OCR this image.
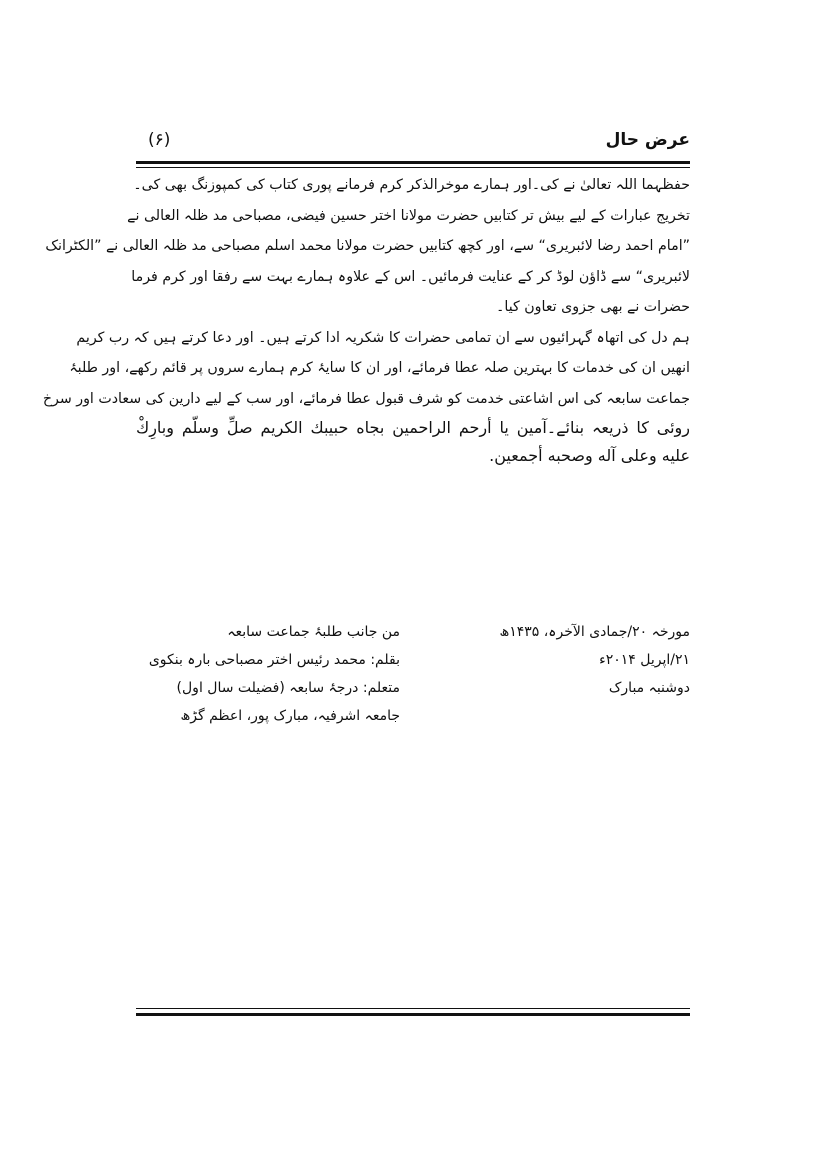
عرض حال
(۶)
حفظہما اللہ تعالیٰ نے کی۔اور ہمارے موخرالذکر کرم فرمانے پوری کتاب کی کمپوزنگ بھی کی۔
تخریج عبارات کے لیے بیش تر کتابیں حضرت مولانا اختر حسین فیضی، مصباحی مد ظلہ العالی نے
”امام احمد رضا لائبریری“ سے، اور کچھ کتابیں حضرت مولانا محمد اسلم مصباحی مد ظلہ العالی نے ”الکٹرانک
لائبریری“ سے ڈاؤن لوڈ کر کے عنایت فرمائیں۔ اس کے علاوہ ہمارے بہت سے رفقا اور کرم فرما
حضرات نے بھی جزوی تعاون کیا۔
ہم دل کی اتھاہ گہرائیوں سے ان تمامی حضرات کا شکریہ ادا کرتے ہیں۔ اور دعا کرتے ہیں کہ رب کریم
انھیں ان کی خدمات کا بہترین صلہ عطا فرمائے، اور ان کا سایۂ کرم ہمارے سروں پر قائم رکھے، اور طلبۂ
جماعت سابعہ کی اس اشاعتی خدمت کو شرف قبول عطا فرمائے، اور سب کے لیے دارین کی سعادت اور سرخ
روئی کا ذریعہ بنائے۔آمین یا أرحم الراحمين بجاه حبيبك الكريم صلِّ وسلّم وبارِكْ
عليه وعلى آله وصحبه أجمعين.
مورخہ ۲۰/جمادی الآخرہ، ۱۴۳۵ھ
۲۱/اپریل ۲۰۱۴ء
دوشنبہ مبارک
من جانب طلبۂ جماعت سابعہ
بقلم: محمد رئیس اختر مصباحی بارہ بنکوی
متعلم: درجۂ سابعہ (فضیلت سال اول)
جامعہ اشرفیہ، مبارک پور، اعظم گڑھ
